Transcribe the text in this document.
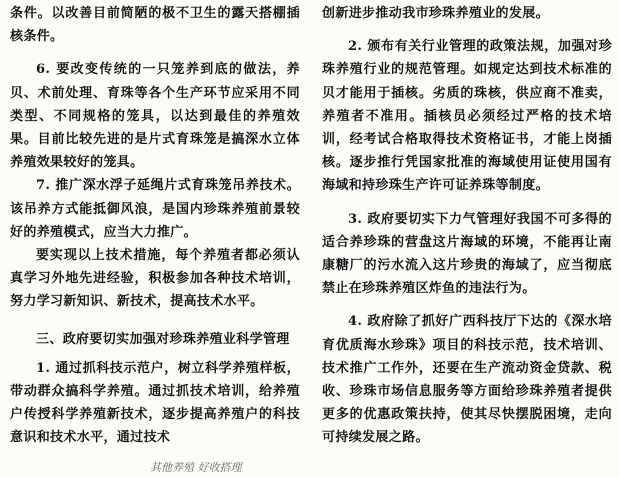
条件。以改善目前简陋的极不卫生的露天搭棚插核条件。

6. 要改变传统的一只笼养到底的做法，养贝、术前处理、育珠等各个生产环节应采用不同类型、不同规格的笼具，以达到最佳的养殖效果。目前比较先进的是片式育珠笼是搞深水立体养殖效果较好的笼具。

7. 推广深水浮子延绳片式育珠笼吊养技术。该吊养方式能抵御风浪，是国内珍珠养殖前景较好的养殖模式，应当大力推广。

要实现以上技术措施，每个养殖者都必须认真学习外地先进经验，积极参加各种技术培训，努力学习新知识、新技术，提高技术水平。

三、政府要切实加强对珍珠养殖业科学管理

1. 通过抓科技示范户，树立科学养殖样板，带动群众搞科学养殖。通过抓技术培训，给养殖户传授科学养殖新技术，逐步提高养殖户的科技意识和技术水平，通过技术

创新进步推动我市珍珠养殖业的发展。

2. 颁布有关行业管理的政策法规，加强对珍珠养殖行业的规范管理。如规定达到技术标准的贝才能用于插核。劣质的珠核，供应商不准卖，养殖者不准用。插核员必须经过严格的技术培训，经考试合格取得技术资格证书，才能上岗插核。逐步推行凭国家批准的海域使用证使用国有海域和持珍珠生产许可证养珠等制度。

3. 政府要切实下力气管理好我国不可多得的适合养珍珠的营盘这片海域的环境，不能再让南康糖厂的污水流入这片珍贵的海域了，应当彻底禁止在珍珠养殖区炸鱼的违法行为。

4. 政府除了抓好广西科技厅下达的《深水培育优质海水珍珠》项目的科技示范，技术培训、技术推广工作外，还要在生产流动资金贷款、税收、珍珠市场信息服务等方面给珍珠养殖者提供更多的优惠政策扶持，使其尽快摆脱困境，走向可持续发展之路。

其他养殖 好收搭理
